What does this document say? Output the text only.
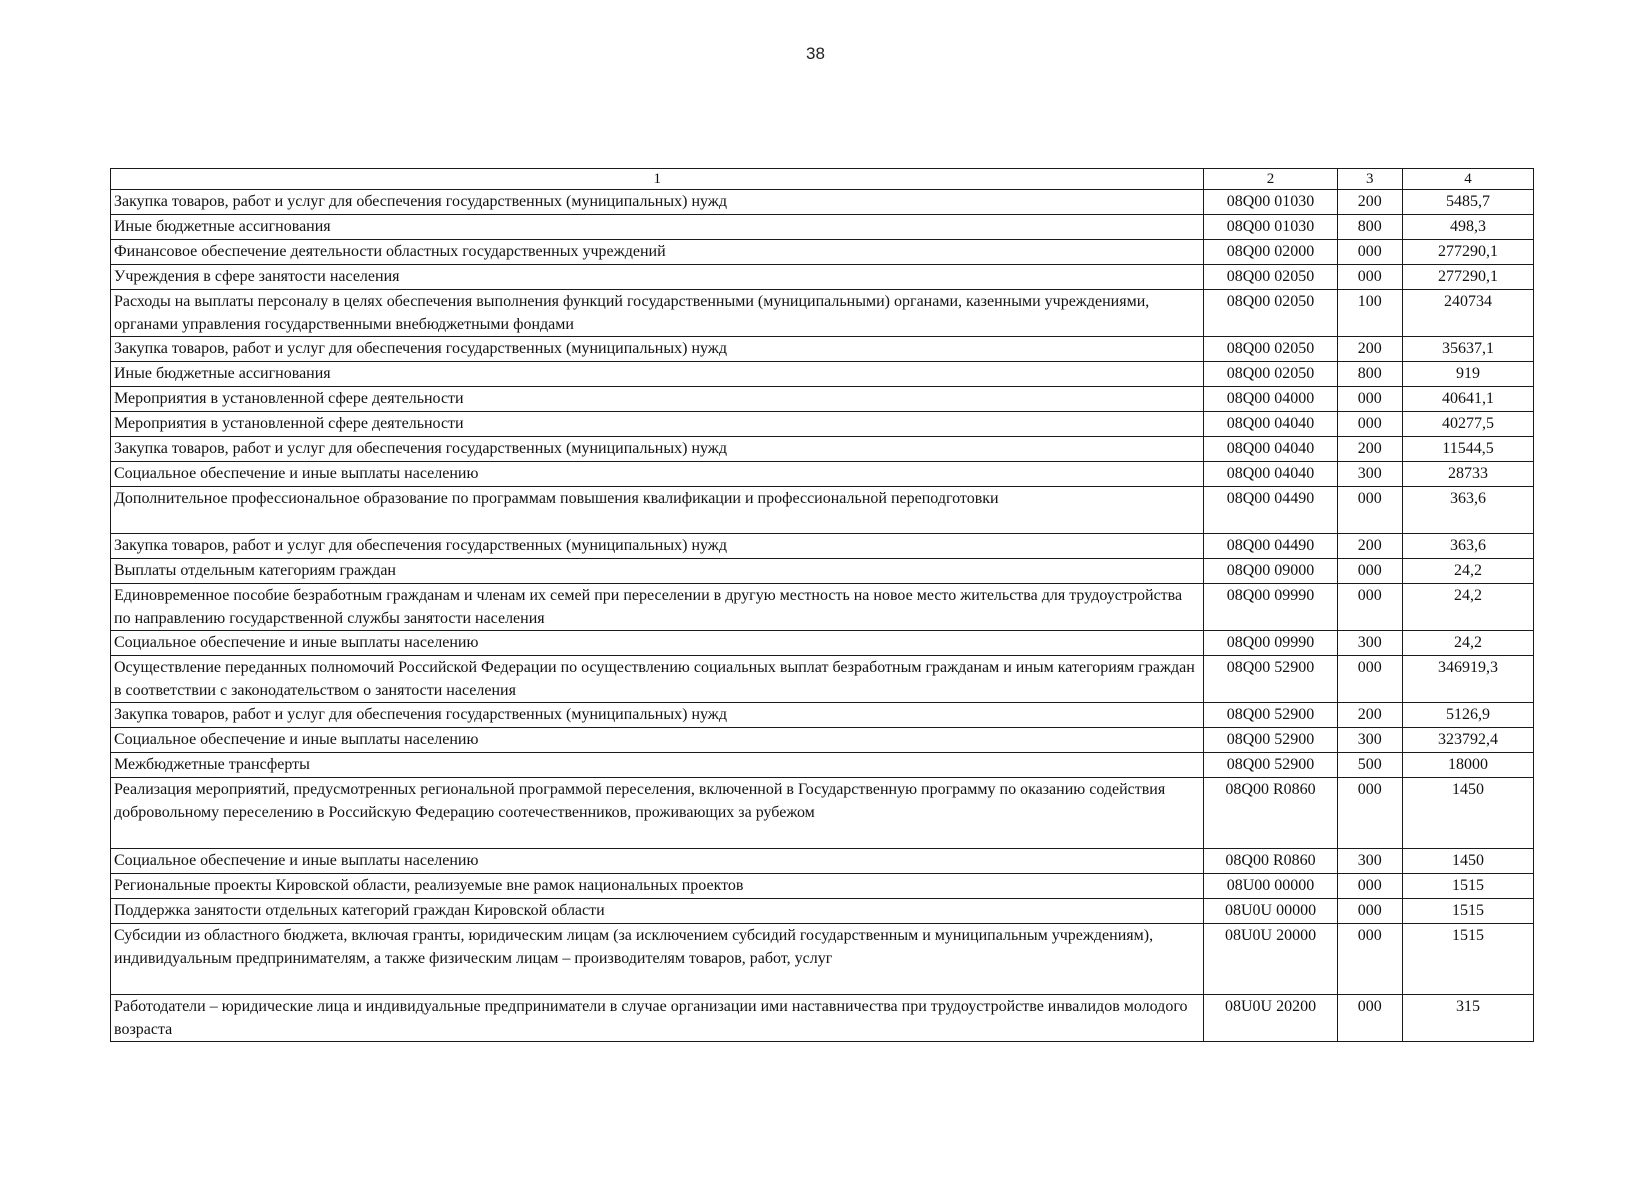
38
1	2	3	4
Закупка товаров, работ и услуг для обеспечения государственных (муниципальных) нужд	08Q00 01030	200	5485,7
Иные бюджетные ассигнования	08Q00 01030	800	498,3
Финансовое обеспечение деятельности областных государственных учреждений	08Q00 02000	000	277290,1
Учреждения в сфере занятости населения	08Q00 02050	000	277290,1
Расходы на выплаты персоналу в целях обеспечения выполнения функций государственными (муниципальными) органами, казенными учреждениями, органами управления государственными внебюджетными фондами	08Q00 02050	100	240734
Закупка товаров, работ и услуг для обеспечения государственных (муниципальных) нужд	08Q00 02050	200	35637,1
Иные бюджетные ассигнования	08Q00 02050	800	919
Мероприятия в установленной сфере деятельности	08Q00 04000	000	40641,1
Мероприятия в установленной сфере деятельности	08Q00 04040	000	40277,5
Закупка товаров, работ и услуг для обеспечения государственных (муниципальных) нужд	08Q00 04040	200	11544,5
Социальное обеспечение и иные выплаты населению	08Q00 04040	300	28733
Дополнительное профессиональное образование по программам повышения квалификации и профессиональной переподготовки	08Q00 04490	000	363,6
Закупка товаров, работ и услуг для обеспечения государственных (муниципальных) нужд	08Q00 04490	200	363,6
Выплаты отдельным категориям граждан	08Q00 09000	000	24,2
Единовременное пособие безработным гражданам и членам их семей при переселении в другую местность на новое место жительства для трудоустройства по направлению государственной службы занятости населения	08Q00 09990	000	24,2
Социальное обеспечение и иные выплаты населению	08Q00 09990	300	24,2
Осуществление переданных полномочий Российской Федерации по осуществлению социальных выплат безработным гражданам и иным категориям граждан в соответствии с законодательством о занятости населения	08Q00 52900	000	346919,3
Закупка товаров, работ и услуг для обеспечения государственных (муниципальных) нужд	08Q00 52900	200	5126,9
Социальное обеспечение и иные выплаты населению	08Q00 52900	300	323792,4
Межбюджетные трансферты	08Q00 52900	500	18000
Реализация мероприятий, предусмотренных региональной программой переселения, включенной в Государственную программу по оказанию содействия добровольному переселению в Российскую Федерацию соотечественников, проживающих за рубежом	08Q00 R0860	000	1450
Социальное обеспечение и иные выплаты населению	08Q00 R0860	300	1450
Региональные проекты Кировской области, реализуемые вне рамок национальных проектов	08U00 00000	000	1515
Поддержка занятости отдельных категорий граждан Кировской области	08U0U 00000	000	1515
Субсидии из областного бюджета, включая гранты, юридическим лицам (за исключением субсидий государственным и муниципальным учреждениям), индивидуальным предпринимателям, а также физическим лицам – производителям товаров, работ, услуг	08U0U 20000	000	1515
Работодатели – юридические лица и индивидуальные предприниматели в случае организации ими наставничества при трудоустройстве инвалидов молодого возраста	08U0U 20200	000	315
